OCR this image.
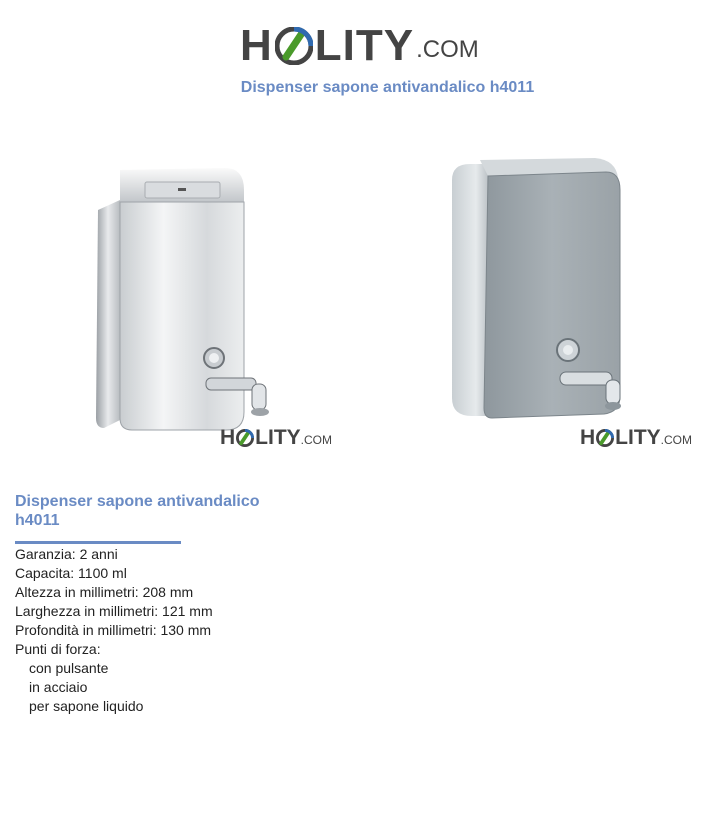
H LITY .COM
Dispenser sapone antivandalico h4011
H LITY .COM	H LITY .COM
Dispenser sapone antivandalico h4011
Garanzia: 2 anni
Capacita: 1100 ml
Altezza in millimetri: 208 mm
Larghezza in millimetri: 121 mm
Profondità in millimetri: 130 mm
Punti di forza:
con pulsante
in acciaio
per sapone liquido
